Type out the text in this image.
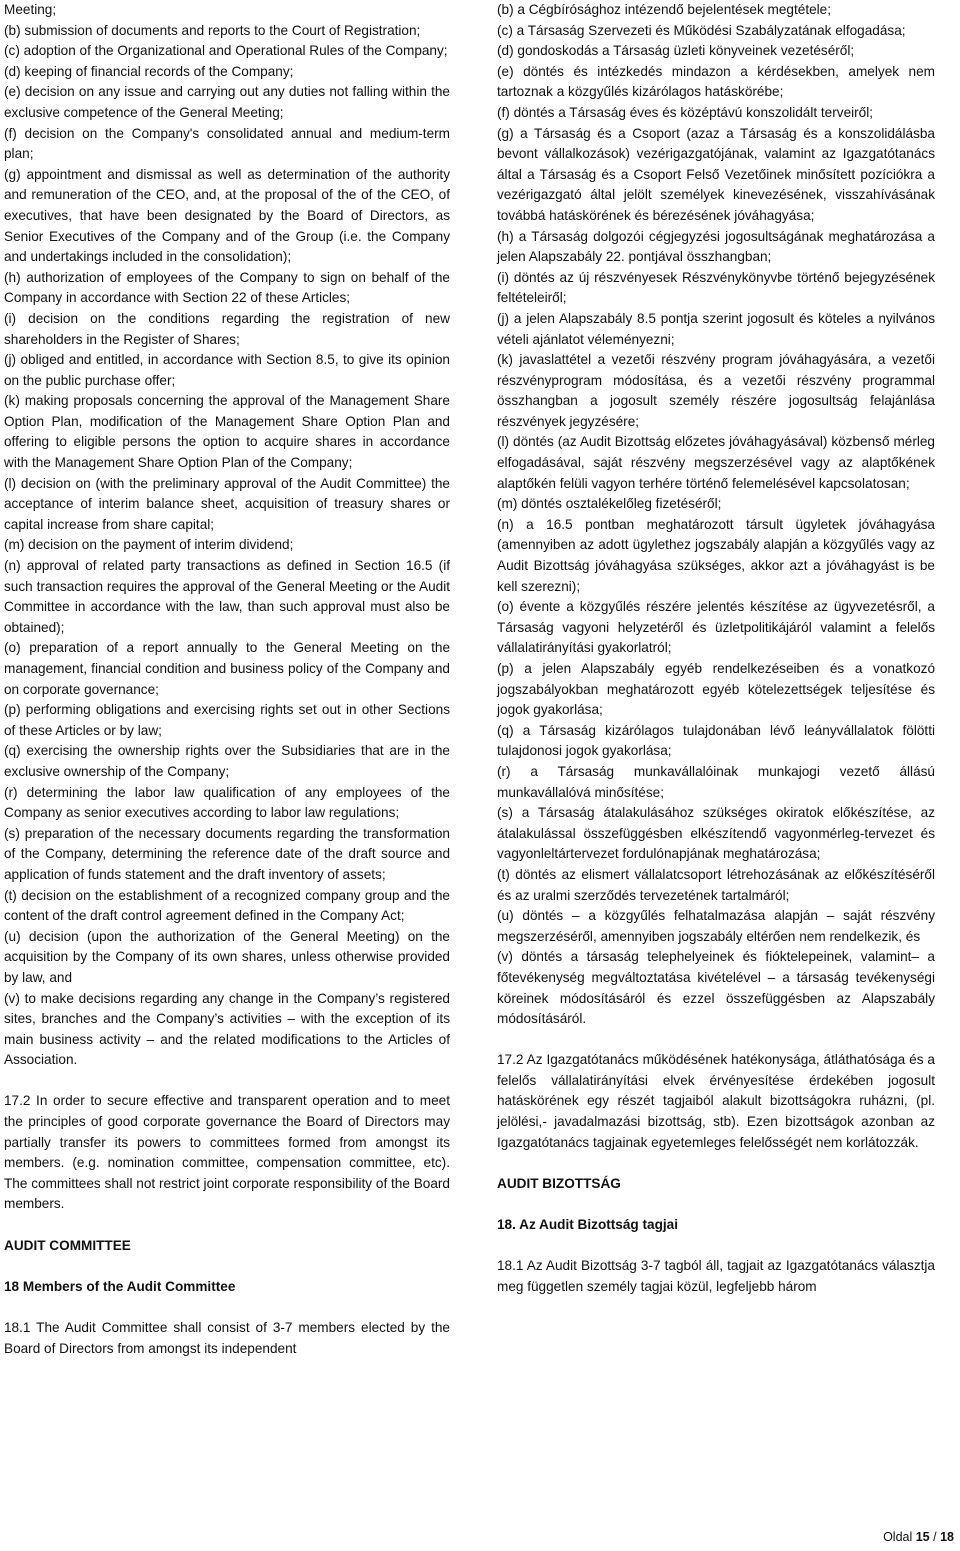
Meeting;

(b) submission of documents and reports to the Court of Registration;

(c) adoption of the Organizational and Operational Rules of the Company;

(d) keeping of financial records of the Company;

(e) decision on any issue and carrying out any duties not falling within the exclusive competence of the General Meeting;

(f) decision on the Company's consolidated annual and medium-term plan;

(g) appointment and dismissal as well as determination of the authority and remuneration of the CEO, and, at the proposal of the of the CEO, of executives, that have been designated by the Board of Directors, as Senior Executives of the Company and of the Group (i.e. the Company and undertakings included in the consolidation);

(h) authorization of employees of the Company to sign on behalf of the Company in accordance with Section 22 of these Articles;

(i) decision on the conditions regarding the registration of new shareholders in the Register of Shares;

(j) obliged and entitled, in accordance with Section 8.5, to give its opinion on the public purchase offer;

(k) making proposals concerning the approval of the Management Share Option Plan, modification of the Management Share Option Plan and offering to eligible persons the option to acquire shares in accordance with the Management Share Option Plan of the Company;

(l) decision on (with the preliminary approval of the Audit Committee) the acceptance of interim balance sheet, acquisition of treasury shares or capital increase from share capital;

(m) decision on the payment of interim dividend;

(n) approval of related party transactions as defined in Section 16.5 (if such transaction requires the approval of the General Meeting or the Audit Committee in accordance with the law, than such approval must also be obtained);

(o) preparation of a report annually to the General Meeting on the management, financial condition and business policy of the Company and on corporate governance;

(p) performing obligations and exercising rights set out in other Sections of these Articles or by law;

(q) exercising the ownership rights over the Subsidiaries that are in the exclusive ownership of the Company;

(r) determining the labor law qualification of any employees of the Company as senior executives according to labor law regulations;

(s) preparation of the necessary documents regarding the transformation of the Company, determining the reference date of the draft source and application of funds statement and the draft inventory of assets;

(t) decision on the establishment of a recognized company group and the content of the draft control agreement defined in the Company Act;

(u) decision (upon the authorization of the General Meeting) on the acquisition by the Company of its own shares, unless otherwise provided by law, and

(v) to make decisions regarding any change in the Company’s registered sites, branches and the Company’s activities – with the exception of its main business activity – and the related modifications to the Articles of Association.

17.2 In order to secure effective and transparent operation and to meet the principles of good corporate governance the Board of Directors may partially transfer its powers to committees formed from amongst its members. (e.g. nomination committee, compensation committee, etc). The committees shall not restrict joint corporate responsibility of the Board members.

AUDIT COMMITTEE

18 Members of the Audit Committee

18.1 The Audit Committee shall consist of 3-7 members elected by the Board of Directors from amongst its independent

(b) a Cégbírósághoz intézendő bejelentések megtétele;

(c) a Társaság Szervezeti és Működési Szabályzatának elfogadása;

(d) gondoskodás a Társaság üzleti könyveinek vezetéséről;

(e) döntés és intézkedés mindazon a kérdésekben, amelyek nem tartoznak a közgyűlés kizárólagos hatáskörébe;

(f) döntés a Társaság éves és középtávú konszolidált terveiről;

(g) a Társaság és a Csoport (azaz a Társaság és a konszolidálásba bevont vállalkozások) vezérigazgatójának, valamint az Igazgatótanács által a Társaság és a Csoport Felső Vezetőinek minősített pozíciókra a vezérigazgató által jelölt személyek kinevezésének, visszahívásának továbbá hatáskörének és bérezésének jóváhagyása;

(h) a Társaság dolgozói cégjegyzési jogosultságának meghatározása a jelen Alapszabály 22. pontjával összhangban;

(i) döntés az új részvényesek Részvénykönyvbe történő bejegyzésének feltételeiről;

(j) a jelen Alapszabály 8.5 pontja szerint jogosult és köteles a nyilvános vételi ajánlatot véleményezni;

(k) javaslattétel a vezetői részvény program jóváhagyására, a vezetői részvényprogram módosítása, és a vezetői részvény programmal összhangban a jogosult személy részére jogosultság felajánlása részvények jegyzésére;

(l) döntés (az Audit Bizottság előzetes jóváhagyásával) közbenső mérleg elfogadásával, saját részvény megszerzésével vagy az alaptőkének alaptőkén felüli vagyon terhére történő felemelésével kapcsolatosan;

(m) döntés osztalékelőleg fizetéséről;

(n) a 16.5 pontban meghatározott társult ügyletek jóváhagyása (amennyiben az adott ügylethez jogszabály alapján a közgyűlés vagy az Audit Bizottság jóváhagyása szükséges, akkor azt a jóváhagyást is be kell szerezni);

(o) évente a közgyűlés részére jelentés készítése az ügyvezetésről, a Társaság vagyoni helyzetéről és üzletpolitikájáról valamint a felelős vállalatirányítási gyakorlatról;

(p) a jelen Alapszabály egyéb rendelkezéseiben és a vonatkozó jogszabályokban meghatározott egyéb kötelezettségek teljesítése és jogok gyakorlása;

(q) a Társaság kizárólagos tulajdonában lévő leányvállalatok fölötti tulajdonosi jogok gyakorlása;

(r) a Társaság munkavállalóinak munkajogi vezető állású munkavállalóvá minősítése;

(s) a Társaság átalakulásához szükséges okiratok előkészítése, az átalakulással összefüggésben elkészítendő vagyonmérleg-tervezet és vagyonleltártervezet fordulónapjának meghatározása;

(t) döntés az elismert vállalatcsoport létrehozásának az előkészítéséről és az uralmi szerződés tervezetének tartalmáról;

(u) döntés – a közgyűlés felhatalmazása alapján – saját részvény megszerzéséről, amennyiben jogszabály eltérően nem rendelkezik, és

(v) döntés a társaság telephelyeinek és fióktelepeinek, valamint– a főtevékenység megváltoztatása kivételével – a társaság tevékenységi köreinek módosításáról és ezzel összefüggésben az Alapszabály módosításáról.

17.2 Az Igazgatótanács működésének hatékonysága, átláthatósága és a felelős vállalatirányítási elvek érvényesítése érdekében jogosult hatáskörének egy részét tagjaiból alakult bizottságokra ruházni, (pl. jelölési,- javadalmazási bizottság, stb). Ezen bizottságok azonban az Igazgatótanács tagjainak egyetemleges felelősségét nem korlátozzák.

AUDIT BIZOTTSÁG

18. Az Audit Bizottság tagjai

18.1 Az Audit Bizottság 3-7 tagból áll, tagjait az Igazgatótanács választja meg független személy tagjai közül, legfeljebb három

Oldal 15 / 18
